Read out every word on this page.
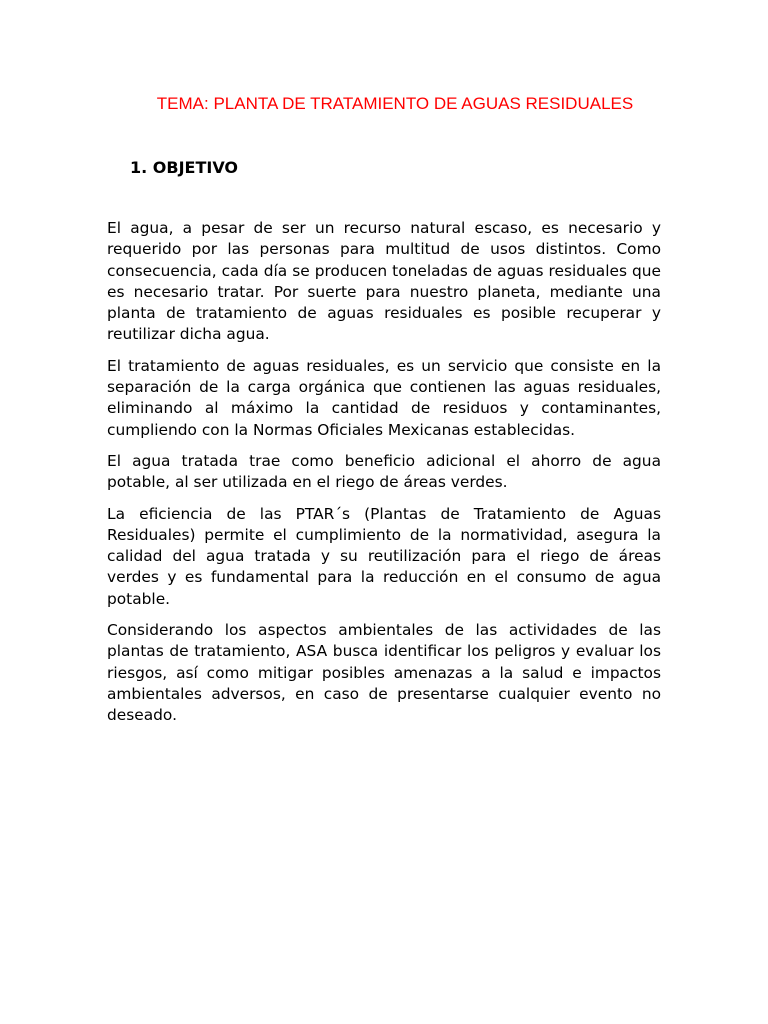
TEMA: PLANTA DE TRATAMIENTO DE AGUAS RESIDUALES
1. OBJETIVO

El agua, a pesar de ser un recurso natural escaso, es necesario y requerido por las personas para multitud de usos distintos. Como consecuencia, cada día se producen toneladas de aguas residuales que es necesario tratar. Por suerte para nuestro planeta, mediante una planta de tratamiento de aguas residuales es posible recuperar y reutilizar dicha agua.

El tratamiento de aguas residuales, es un servicio que consiste en la separación de la carga orgánica que contienen las aguas residuales, eliminando al máximo la cantidad de residuos y contaminantes, cumpliendo con la Normas Oficiales Mexicanas establecidas.

El agua tratada trae como beneficio adicional el ahorro de agua potable, al ser utilizada en el riego de áreas verdes.

La eficiencia de las PTAR´s (Plantas de Tratamiento de Aguas Residuales) permite el cumplimiento de la normatividad, asegura la calidad del agua tratada y su reutilización para el riego de áreas verdes y es fundamental para la reducción en el consumo de agua potable.

Considerando los aspectos ambientales de las actividades de las plantas de tratamiento, ASA busca identificar los peligros y evaluar los riesgos, así como mitigar posibles amenazas a la salud e impactos ambientales adversos, en caso de presentarse cualquier evento no deseado.
